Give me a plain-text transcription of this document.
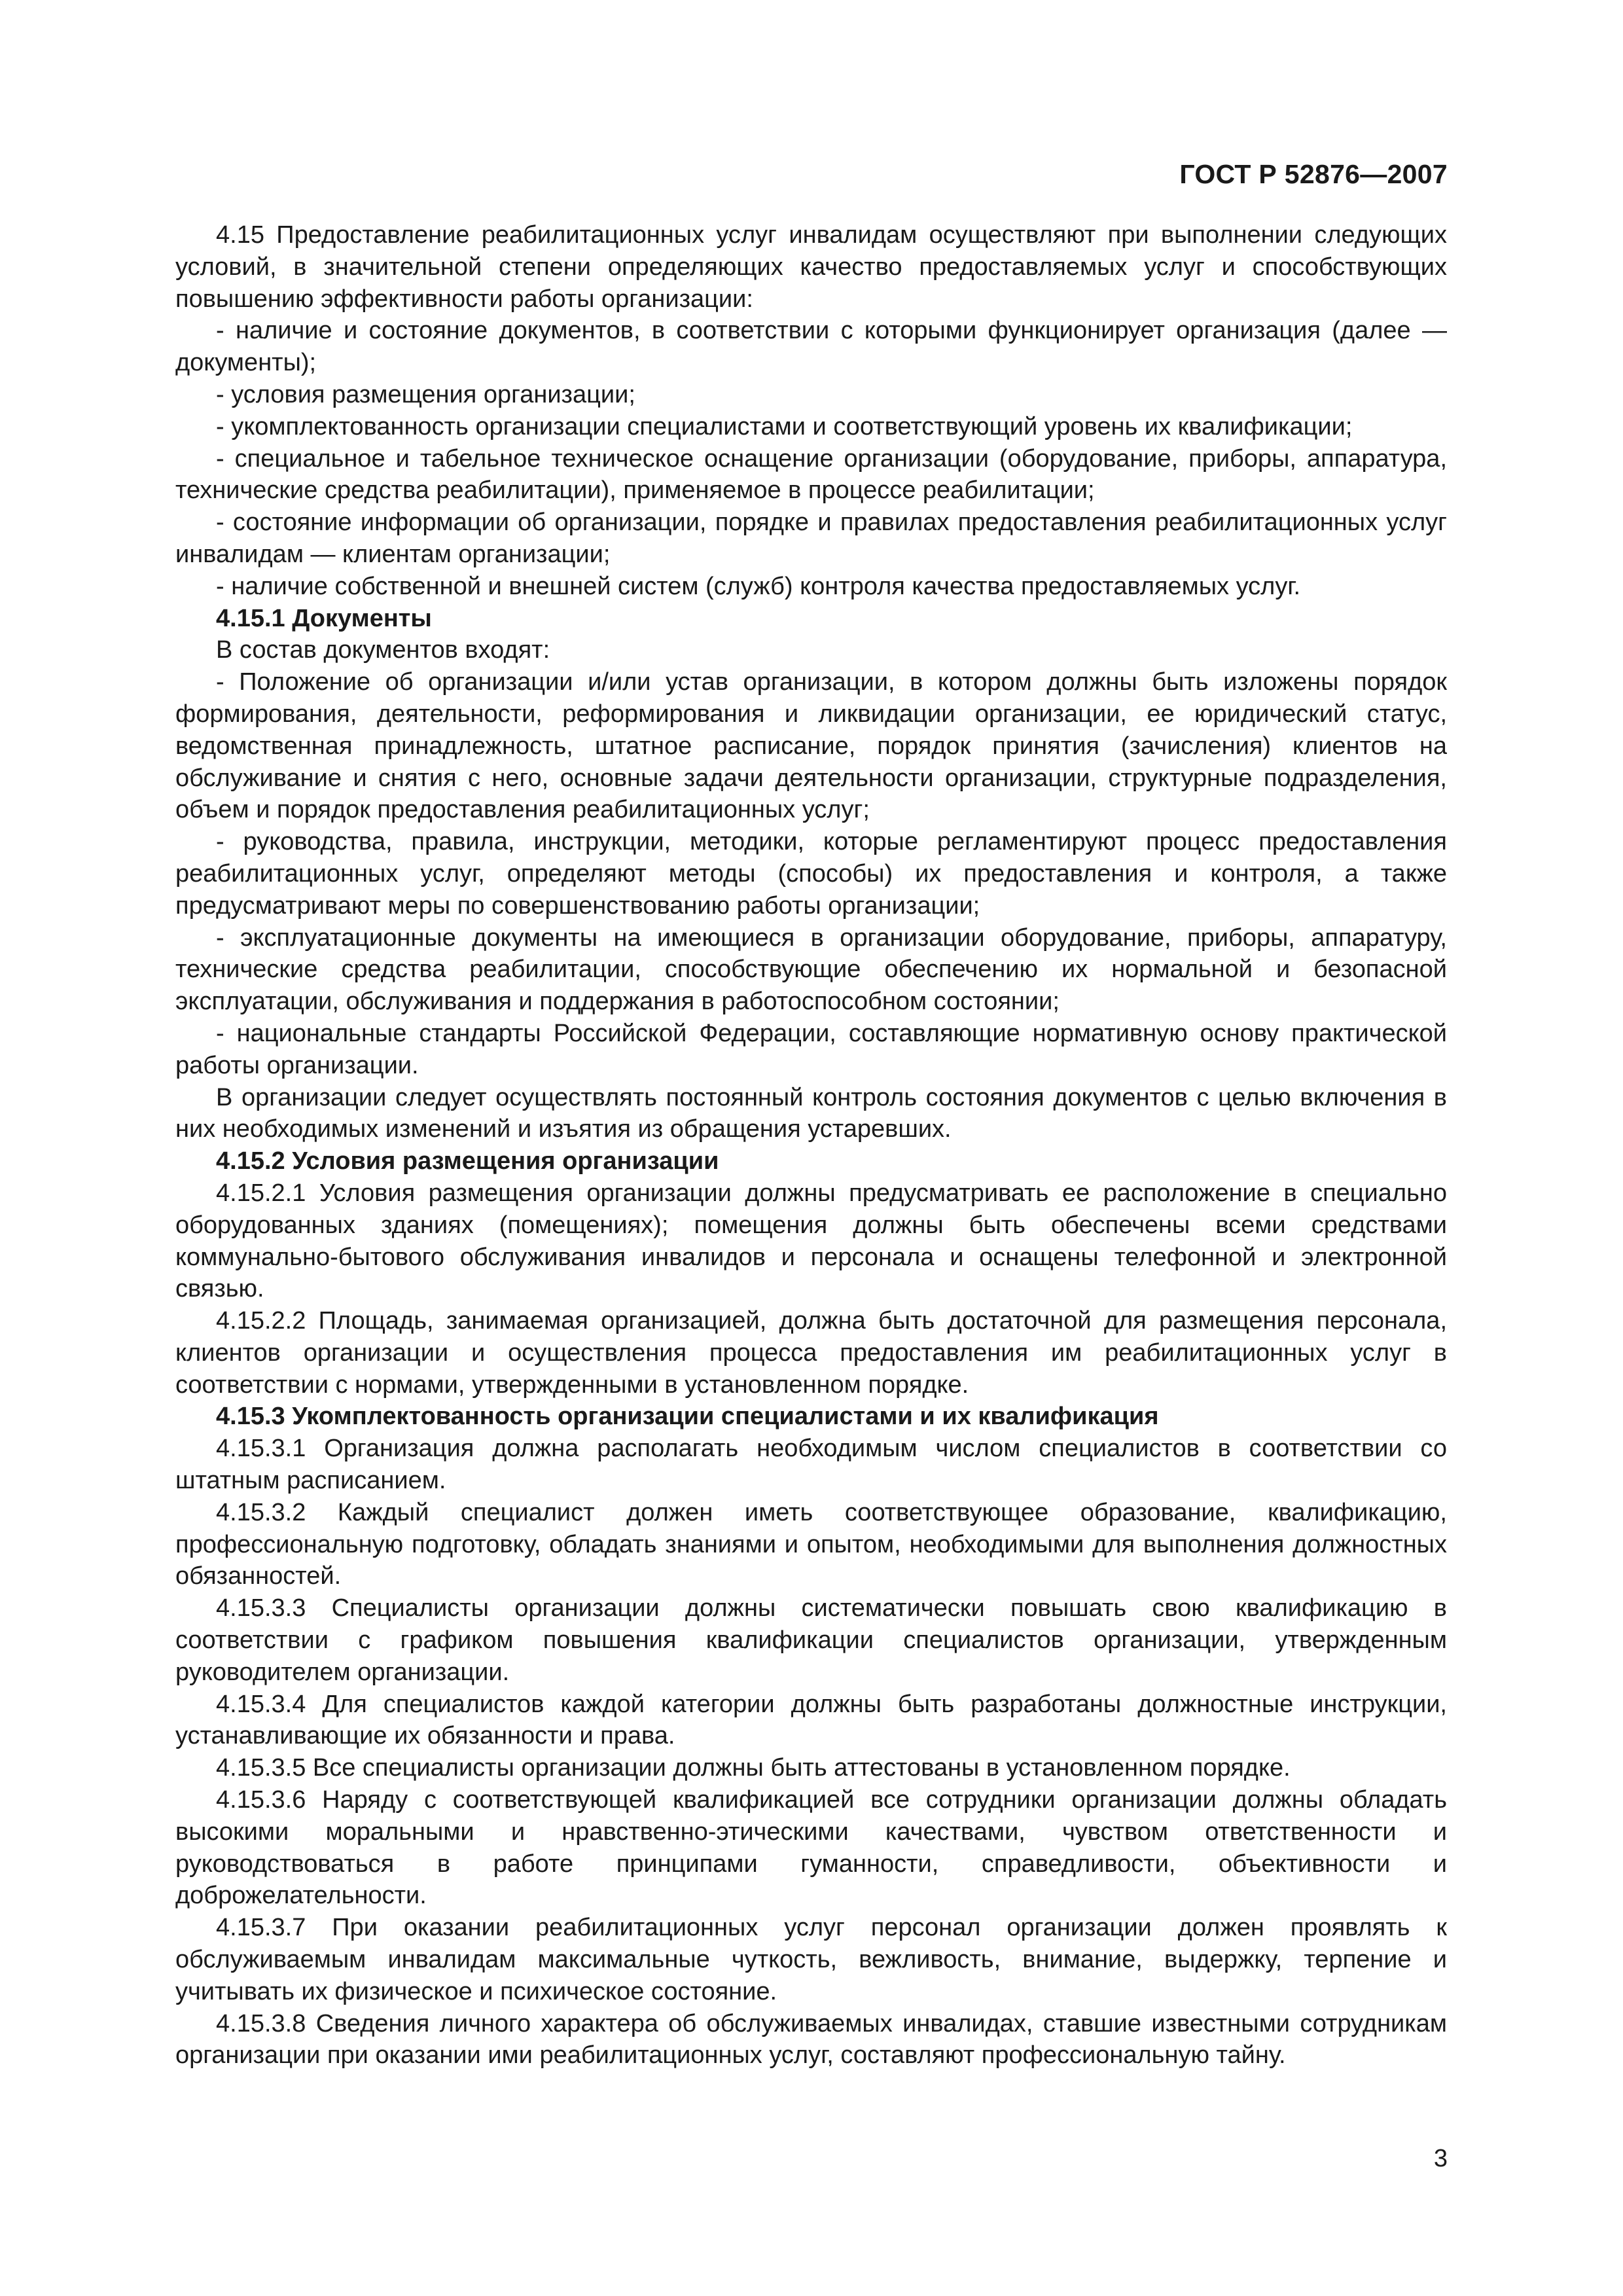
ГОСТ Р 52876—2007

4.15 Предоставление реабилитационных услуг инвалидам осуществляют при выполнении следующих условий, в значительной степени определяющих качество предоставляемых услуг и способствующих повышению эффективности работы организации:

- наличие и состояние документов, в соответствии с которыми функционирует организация (далее — документы);

- условия размещения организации;

- укомплектованность организации специалистами и соответствующий уровень их квалификации;

- специальное и табельное техническое оснащение организации (оборудование, приборы, аппаратура, технические средства реабилитации), применяемое в процессе реабилитации;

- состояние информации об организации, порядке и правилах предоставления реабилитационных услуг инвалидам — клиентам организации;

- наличие собственной и внешней систем (служб) контроля качества предоставляемых услуг.

4.15.1 Документы

В состав документов входят:

- Положение об организации и/или устав организации, в котором должны быть изложены порядок формирования, деятельности, реформирования и ликвидации организации, ее юридический статус, ведомственная принадлежность, штатное расписание, порядок принятия (зачисления) клиентов на обслуживание и снятия с него, основные задачи деятельности организации, структурные подразделения, объем и порядок предоставления реабилитационных услуг;

- руководства, правила, инструкции, методики, которые регламентируют процесс предоставления реабилитационных услуг, определяют методы (способы) их предоставления и контроля, а также предусматривают меры по совершенствованию работы организации;

- эксплуатационные документы на имеющиеся в организации оборудование, приборы, аппаратуру, технические средства реабилитации, способствующие обеспечению их нормальной и безопасной эксплуатации, обслуживания и поддержания в работоспособном состоянии;

- национальные стандарты Российской Федерации, составляющие нормативную основу практической работы организации.

В организации следует осуществлять постоянный контроль состояния документов с целью включения в них необходимых изменений и изъятия из обращения устаревших.

4.15.2 Условия размещения организации

4.15.2.1 Условия размещения организации должны предусматривать ее расположение в специально оборудованных зданиях (помещениях); помещения должны быть обеспечены всеми средствами коммунально-бытового обслуживания инвалидов и персонала и оснащены телефонной и электронной связью.

4.15.2.2 Площадь, занимаемая организацией, должна быть достаточной для размещения персонала, клиентов организации и осуществления процесса предоставления им реабилитационных услуг в соответствии с нормами, утвержденными в установленном порядке.

4.15.3 Укомплектованность организации специалистами и их квалификация

4.15.3.1 Организация должна располагать необходимым числом специалистов в соответствии со штатным расписанием.

4.15.3.2 Каждый специалист должен иметь соответствующее образование, квалификацию, профессиональную подготовку, обладать знаниями и опытом, необходимыми для выполнения должностных обязанностей.

4.15.3.3 Специалисты организации должны систематически повышать свою квалификацию в соответствии с графиком повышения квалификации специалистов организации, утвержденным руководителем организации.

4.15.3.4 Для специалистов каждой категории должны быть разработаны должностные инструкции, устанавливающие их обязанности и права.

4.15.3.5 Все специалисты организации должны быть аттестованы в установленном порядке.

4.15.3.6 Наряду с соответствующей квалификацией все сотрудники организации должны обладать высокими моральными и нравственно-этическими качествами, чувством ответственности и руководствоваться в работе принципами гуманности, справедливости, объективности и доброжелательности.

4.15.3.7 При оказании реабилитационных услуг персонал организации должен проявлять к обслуживаемым инвалидам максимальные чуткость, вежливость, внимание, выдержку, терпение и учитывать их физическое и психическое состояние.

4.15.3.8 Сведения личного характера об обслуживаемых инвалидах, ставшие известными сотрудникам организации при оказании ими реабилитационных услуг, составляют профессиональную тайну.

3
